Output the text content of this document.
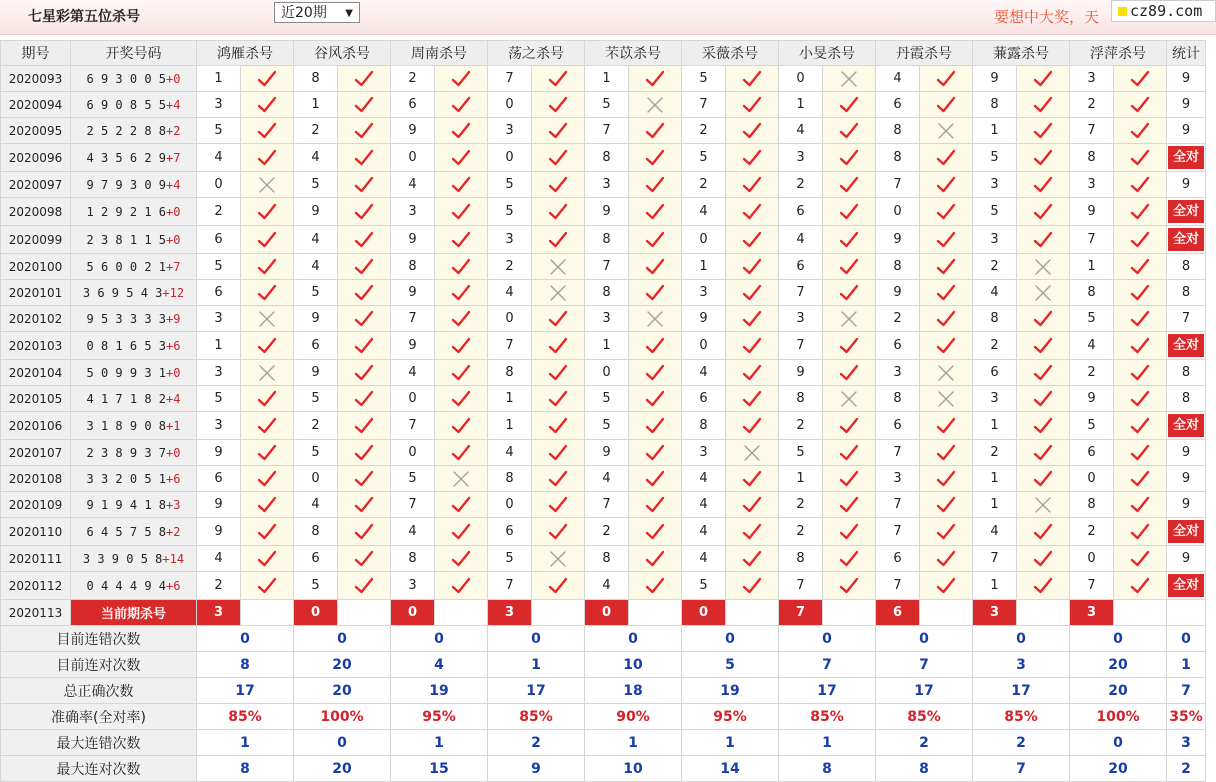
七星彩第五位杀号	近20期 ▼	要想中大奖，天	cz89.com
期号	开奖号码	鸿雁杀号		谷风杀号		周南杀号		荡之杀号		芣苡杀号		采薇杀号		小旻杀号		丹霞杀号		蒹露杀号		浮萍杀号		统计
2020093	6 9 3 0 0 5+0	1		8		2		7		1		5		0		4		9		3		9
2020094	6 9 0 8 5 5+4	3		1		6		0		5		7		1		6		8		2		9
2020095	2 5 2 2 8 8+2	5		2		9		3		7		2		4		8		1		7		9
2020096	4 3 5 6 2 9+7	4		4		0		0		8		5		3		8		5		8		全对

2020097	9 7 9 3 0 9+4	0		5		4		5		3		2		2		7		3		3		9
2020098	1 2 9 2 1 6+0	2		9		3		5		9		4		6		0		5		9		全对

2020099	2 3 8 1 1 5+0	6		4		9		3		8		0		4		9		3		7		全对

2020100	5 6 0 0 2 1+7	5		4		8		2		7		1		6		8		2		1		8
2020101	3 6 9 5 4 3+12	6		5		9		4		8		3		7		9		4		8		8
2020102	9 5 3 3 3 3+9	3		9		7		0		3		9		3		2		8		5		7
2020103	0 8 1 6 5 3+6	1		6		9		7		1		0		7		6		2		4		全对

2020104	5 0 9 9 3 1+0	3		9		4		8		0		4		9		3		6		2		8
2020105	4 1 7 1 8 2+4	5		5		0		1		5		6		8		8		3		9		8
2020106	3 1 8 9 0 8+1	3		2		7		1		5		8		2		6		1		5		全对

2020107	2 3 8 9 3 7+0	9		5		0		4		9		3		5		7		2		6		9
2020108	3 3 2 0 5 1+6	6		0		5		8		4		4		1		3		1		0		9
2020109	9 1 9 4 1 8+3	9		4		7		0		7		4		2		7		1		8		9
2020110	6 4 5 7 5 8+2	9		8		4		6		2		4		2		7		4		2		全对

2020111	3 3 9 0 5 8+14	4		6		8		5		8		4		8		6		7		0		9
2020112	0 4 4 4 9 4+6	2		5		3		7		4		5		7		7		1		7		全对

2020113	当前期杀号	3		0		0		3		0		0		7		6		3		3		
目前连错次数		0		0		0		0		0		0		0		0		0		0		0
目前连对次数		8		20		4		1		10		5		7		7		3		20		1
总正确次数		17		20		19		17		18		19		17		17		17		20		7
准确率(全对率)		85%		100%		95%		85%		90%		95%		85%		85%		85%		100%		35%
最大连错次数		1		0		1		2		1		1		1		2		2		0		3
最大连对次数		8		20		15		9		10		14		8		8		7		20		2
